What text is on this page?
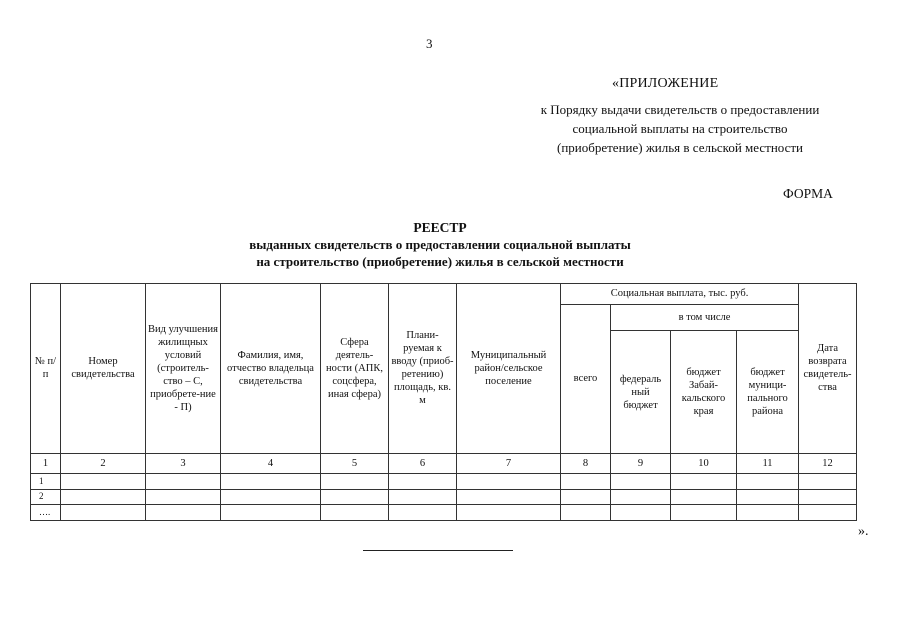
3
«ПРИЛОЖЕНИЕ
к Порядку выдачи свидетельств о предоставлении
социальной выплаты на строительство
(приобретение) жилья в сельской местности
ФОРМА
РЕЕСТР
выданных свидетельств о предоставлении социальной выплаты
на строительство (приобретение) жилья в сельской местности
№ п/п	Номер свидетельства	Вид улучшения жилищных условий (строитель-ство – С, приобрете-ние - П)	Фамилия, имя, отчество владельца свидетельства	Сфера деятель-ности (АПК, соцсфера, иная сфера)	Плани-руемая к вводу (приоб-ретению) площадь, кв. м	Муниципальный район/сельское поселение	Социальная выплата, тыс. руб.				Дата возврата свидетель-ства
							всего	в том числе			
								федераль ный бюджет	бюджет Забай-кальского края	бюджет муници-пального района	
1	2	3	4	5	6	7	8	9	10	11	12
1											
2											
….											
».
